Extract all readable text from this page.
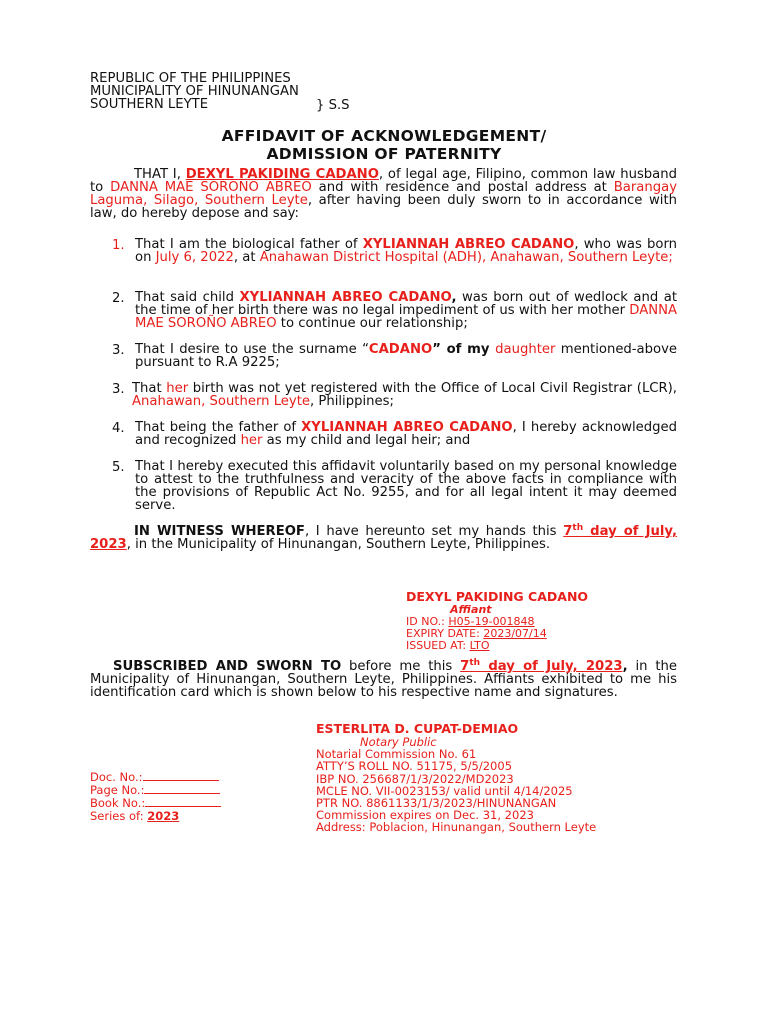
REPUBLIC OF THE PHILIPPINES
MUNICIPALITY OF HINUNANGAN
SOUTHERN LEYTE	} S.S
AFFIDAVIT OF ACKNOWLEDGEMENT/
ADMISSION OF PATERNITY
THAT I, DEXYL PAKIDING CADANO, of legal age, Filipino, common law husband to DANNA MAE SOROÑO ABREO and with residence and postal address at Barangay Laguma, Silago, Southern Leyte, after having been duly sworn to in accordance with law, do hereby depose and say:
1. That I am the biological father of XYLIANNAH ABREO CADANO, who was born on July 6, 2022, at Anahawan District Hospital (ADH), Anahawan, Southern Leyte;
2. That said child XYLIANNAH ABREO CADANO, was born out of wedlock and at the time of her birth there was no legal impediment of us with her mother DANNA MAE SOROÑO ABREO to continue our relationship;
3. That I desire to use the surname “CADANO” of my daughter mentioned-above pursuant to R.A 9225;
3. That her birth was not yet registered with the Office of Local Civil Registrar (LCR), Anahawan, Southern Leyte, Philippines;
4. That being the father of XYLIANNAH ABREO CADANO, I hereby acknowledged and recognized her as my child and legal heir; and
5. That I hereby executed this affidavit voluntarily based on my personal knowledge to attest to the truthfulness and veracity of the above facts in compliance with the provisions of Republic Act No. 9255, and for all legal intent it may deemed serve.
IN WITNESS WHEREOF, I have hereunto set my hands this 7th day of July, 2023, in the Municipality of Hinunangan, Southern Leyte, Philippines.
DEXYL PAKIDING CADANO
Affiant
ID NO.: H05-19-001848
EXPIRY DATE: 2023/07/14
ISSUED AT: LTO
SUBSCRIBED AND SWORN TO before me this 7th day of July, 2023, in the Municipality of Hinunangan, Southern Leyte, Philippines. Affiants exhibited to me his identification card which is shown below to his respective name and signatures.
ESTERLITA D. CUPAT-DEMIAO
Notary Public
Notarial Commission No. 61
ATTY’S ROLL NO. 51175, 5/5/2005
IBP NO. 256687/1/3/2022/MD2023
MCLE NO. VII-0023153/ valid until 4/14/2025
PTR NO. 8861133/1/3/2023/HINUNANGAN
Commission expires on Dec. 31, 2023
Address: Poblacion, Hinunangan, Southern Leyte
Doc. No.:
Page No.:
Book No.:
Series of: 2023
